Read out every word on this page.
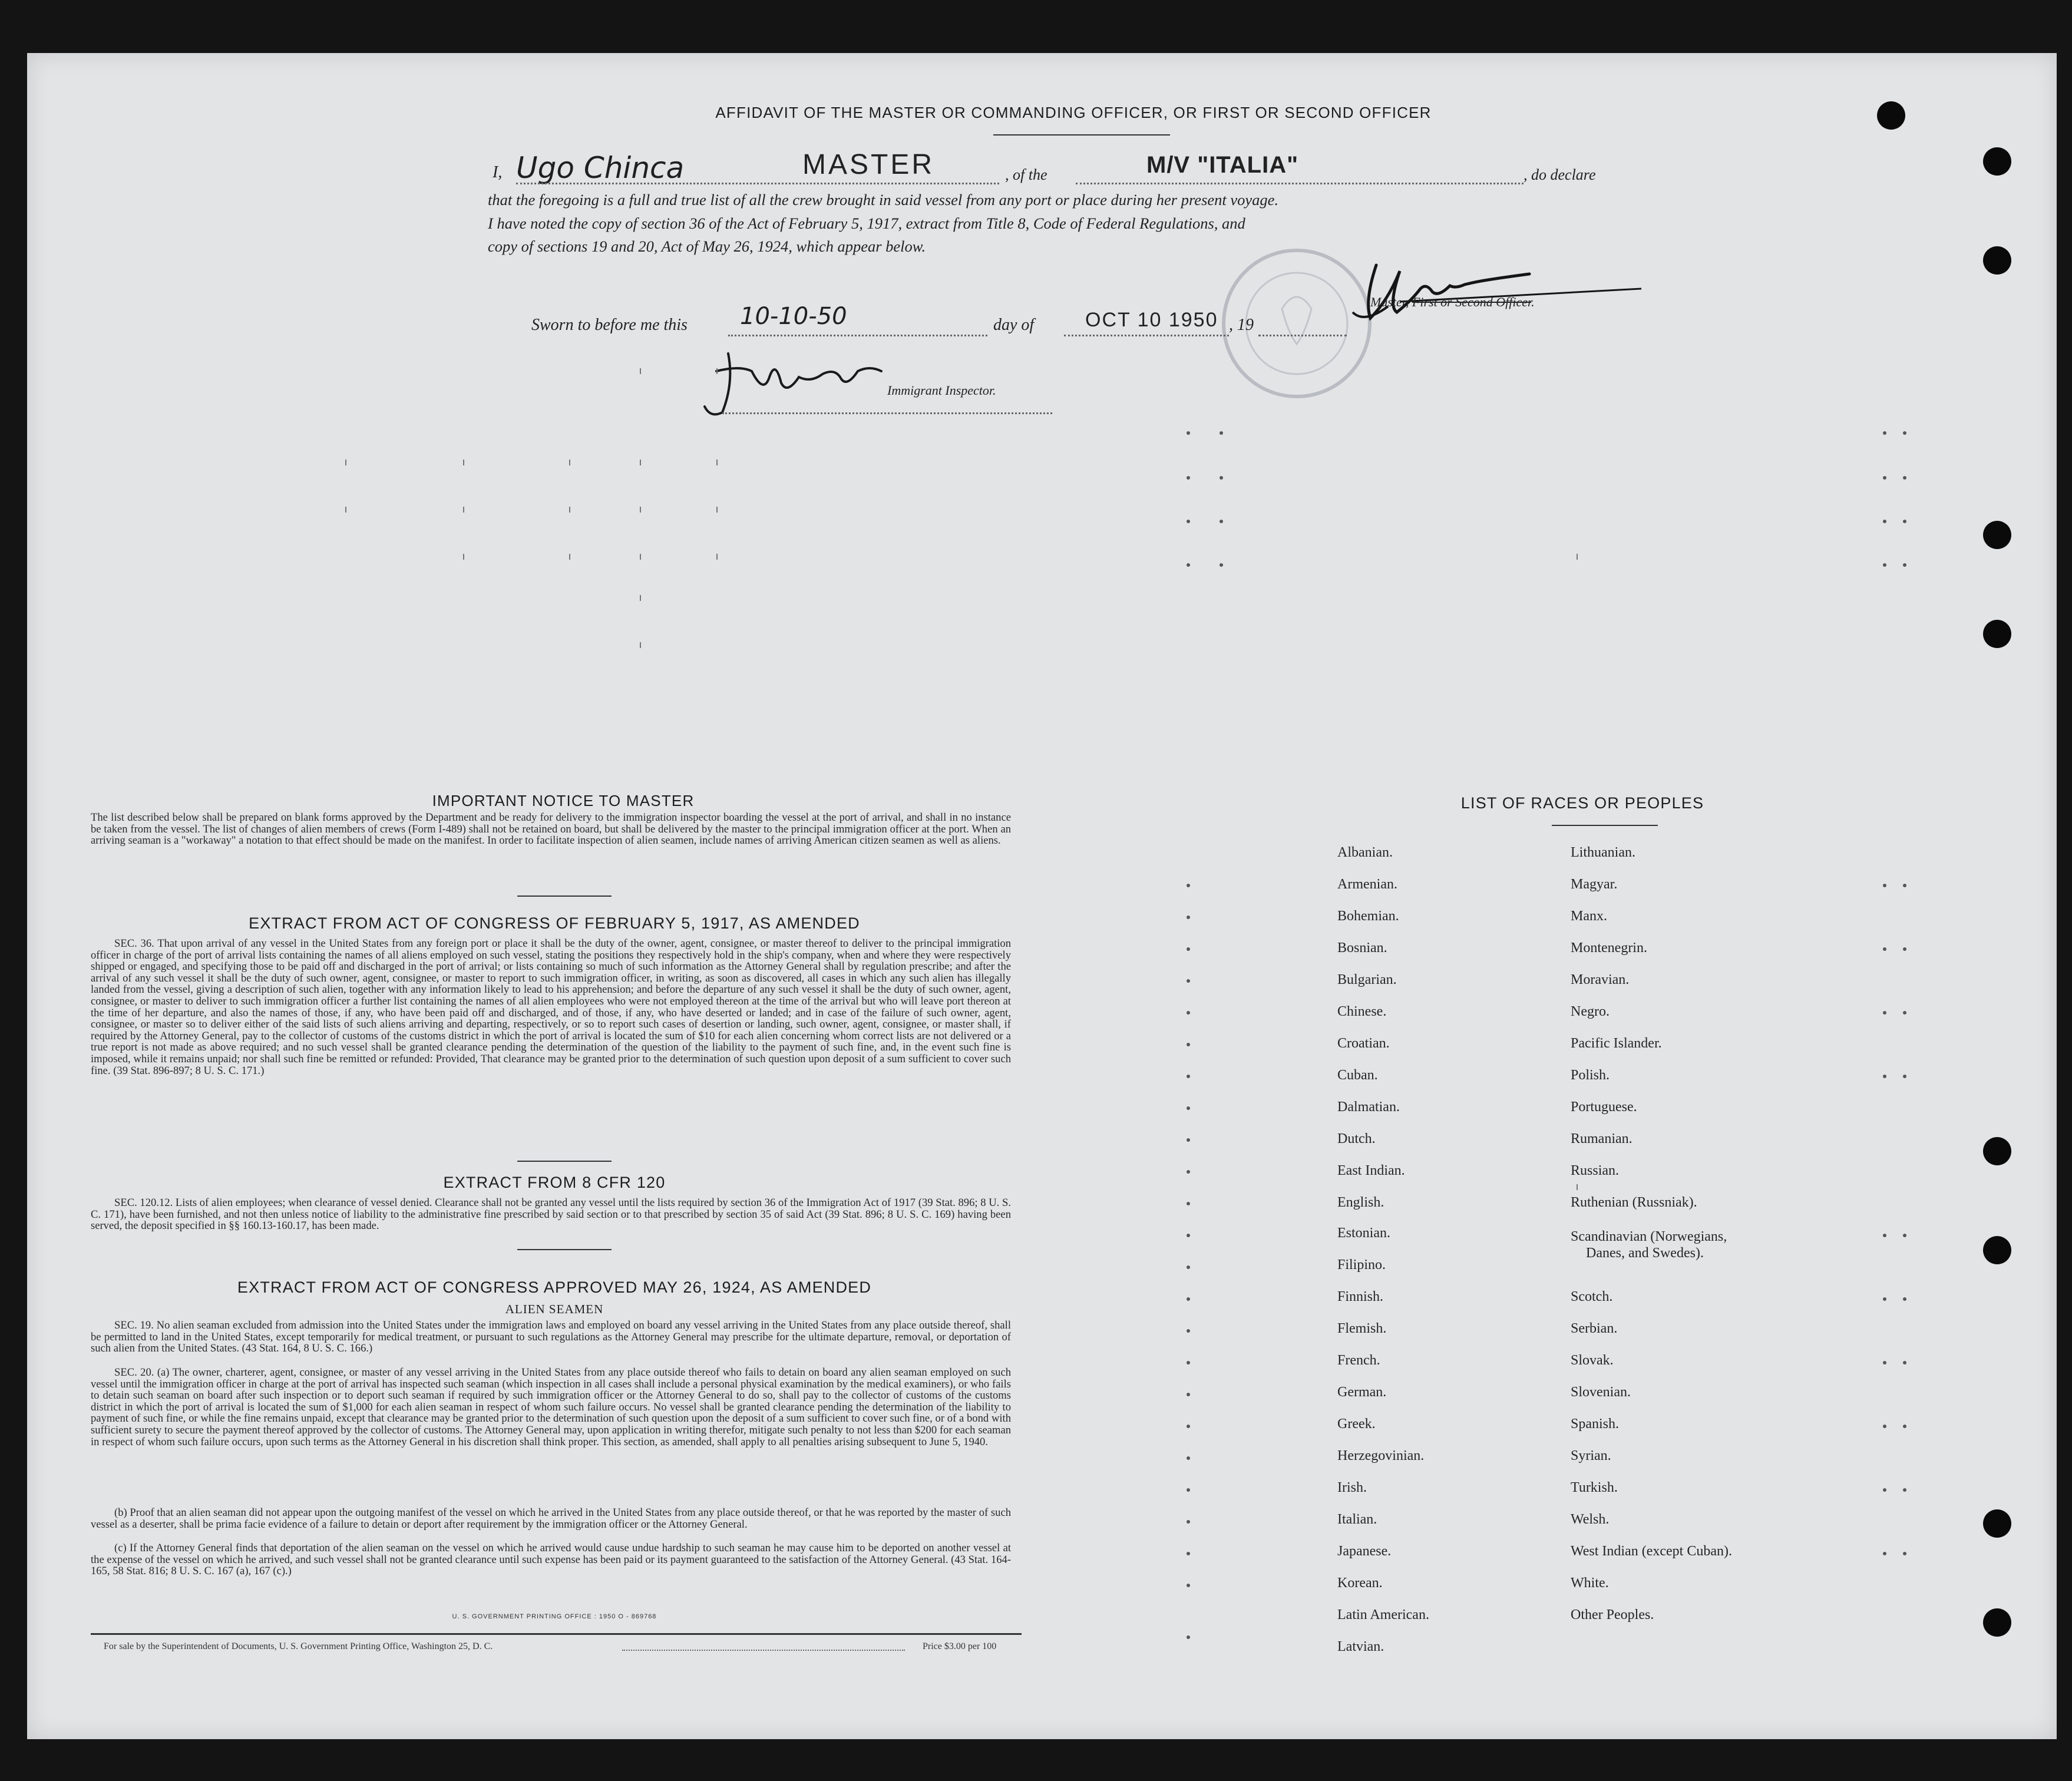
AFFIDAVIT OF THE MASTER OR COMMANDING OFFICER, OR FIRST OR SECOND OFFICER
I, Ugo Chinca	MASTER	, of the	M/V "ITALIA"	, do declare
that the foregoing is a full and true list of all the crew brought in said vessel from any port or place during her present voyage.
I have noted the copy of section 36 of the Act of February 5, 1917, extract from Title 8, Code of Federal Regulations, and
copy of sections 19 and 20, Act of May 26, 1924, which appear below.
Master, First or Second Officer.
Sworn to before me this 10-10-50	day of	OCT 10 1950 , 19
Immigrant Inspector.
IMPORTANT NOTICE TO MASTER
The list described below shall be prepared on blank forms approved by the Department and be ready for delivery to the immigration inspector boarding the vessel at the port of arrival, and shall in no instance be taken from the vessel. The list of changes of alien members of crews (Form I-489) shall not be retained on board, but shall be delivered by the master to the principal immigration officer at the port. When an arriving seaman is a "workaway" a notation to that effect should be made on the manifest. In order to facilitate inspection of alien seamen, include names of arriving American citizen seamen as well as aliens.
EXTRACT FROM ACT OF CONGRESS OF FEBRUARY 5, 1917, AS AMENDED
SEC. 36. That upon arrival of any vessel in the United States from any foreign port or place it shall be the duty of the owner, agent, consignee, or master thereof to deliver to the principal immigration officer in charge of the port of arrival lists containing the names of all aliens employed on such vessel, stating the positions they respectively hold in the ship's company, when and where they were respectively shipped or engaged, and specifying those to be paid off and discharged in the port of arrival; or lists containing so much of such information as the Attorney General shall by regulation prescribe; and after the arrival of any such vessel it shall be the duty of such owner, agent, consignee, or master to report to such immigration officer, in writing, as soon as discovered, all cases in which any such alien has illegally landed from the vessel, giving a description of such alien, together with any information likely to lead to his apprehension; and before the departure of any such vessel it shall be the duty of such owner, agent, consignee, or master to deliver to such immigration officer a further list containing the names of all alien employees who were not employed thereon at the time of the arrival but who will leave port thereon at the time of her departure, and also the names of those, if any, who have been paid off and discharged, and of those, if any, who have deserted or landed; and in case of the failure of such owner, agent, consignee, or master so to deliver either of the said lists of such aliens arriving and departing, respectively, or so to report such cases of desertion or landing, such owner, agent, consignee, or master shall, if required by the Attorney General, pay to the collector of customs of the customs district in which the port of arrival is located the sum of $10 for each alien concerning whom correct lists are not delivered or a true report is not made as above required; and no such vessel shall be granted clearance pending the determination of the question of the liability to the payment of such fine, and, in the event such fine is imposed, while it remains unpaid; nor shall such fine be remitted or refunded: Provided, That clearance may be granted prior to the determination of such question upon deposit of a sum sufficient to cover such fine. (39 Stat. 896-897; 8 U. S. C. 171.)
EXTRACT FROM 8 CFR 120
SEC. 120.12. Lists of alien employees; when clearance of vessel denied. Clearance shall not be granted any vessel until the lists required by section 36 of the Immigration Act of 1917 (39 Stat. 896; 8 U. S. C. 171), have been furnished, and not then unless notice of liability to the administrative fine prescribed by said section or to that prescribed by section 35 of said Act (39 Stat. 896; 8 U. S. C. 169) having been served, the deposit specified in §§ 160.13-160.17, has been made.
EXTRACT FROM ACT OF CONGRESS APPROVED MAY 26, 1924, AS AMENDED
ALIEN SEAMEN
SEC. 19. No alien seaman excluded from admission into the United States under the immigration laws and employed on board any vessel arriving in the United States from any place outside thereof, shall be permitted to land in the United States, except temporarily for medical treatment, or pursuant to such regulations as the Attorney General may prescribe for the ultimate departure, removal, or deportation of such alien from the United States. (43 Stat. 164, 8 U. S. C. 166.)
SEC. 20. (a) The owner, charterer, agent, consignee, or master of any vessel arriving in the United States from any place outside thereof who fails to detain on board any alien seaman employed on such vessel until the immigration officer in charge at the port of arrival has inspected such seaman (which inspection in all cases shall include a personal physical examination by the medical examiners), or who fails to detain such seaman on board after such inspection or to deport such seaman if required by such immigration officer or the Attorney General to do so, shall pay to the collector of customs of the customs district in which the port of arrival is located the sum of $1,000 for each alien seaman in respect of whom such failure occurs. No vessel shall be granted clearance pending the determination of the liability to payment of such fine, or while the fine remains unpaid, except that clearance may be granted prior to the determination of such question upon the deposit of a sum sufficient to cover such fine, or of a bond with sufficient surety to secure the payment thereof approved by the collector of customs. The Attorney General may, upon application in writing therefor, mitigate such penalty to not less than $200 for each seaman in respect of whom such failure occurs, upon such terms as the Attorney General in his discretion shall think proper. This section, as amended, shall apply to all penalties arising subsequent to June 5, 1940.
(b) Proof that an alien seaman did not appear upon the outgoing manifest of the vessel on which he arrived in the United States from any place outside thereof, or that he was reported by the master of such vessel as a deserter, shall be prima facie evidence of a failure to detain or deport after requirement by the immigration officer or the Attorney General.
(c) If the Attorney General finds that deportation of the alien seaman on the vessel on which he arrived would cause undue hardship to such seaman he may cause him to be deported on another vessel at the expense of the vessel on which he arrived, and such vessel shall not be granted clearance until such expense has been paid or its payment guaranteed to the satisfaction of the Attorney General. (43 Stat. 164-165, 58 Stat. 816; 8 U. S. C. 167 (a), 167 (c).)
U. S. GOVERNMENT PRINTING OFFICE : 1950 O - 869768
For sale by the Superintendent of Documents, U. S. Government Printing Office, Washington 25, D. C.	Price $3.00 per 100
LIST OF RACES OR PEOPLES
Albanian.
Armenian.
Bohemian.
Bosnian.
Bulgarian.
Chinese.
Croatian.
Cuban.
Dalmatian.
Dutch.
East Indian.
English.
Estonian.
Filipino.
Finnish.
Flemish.
French.
German.
Greek.
Herzegovinian.
Irish.
Italian.
Japanese.
Korean.
Latin American.
Latvian.
Lithuanian.
Magyar.
Manx.
Montenegrin.
Moravian.
Negro.
Pacific Islander.
Polish.
Portuguese.
Rumanian.
Russian.
Ruthenian (Russniak).
Scandinavian (Norwegians,
Danes, and Swedes).
Scotch.
Serbian.
Slovak.
Slovenian.
Spanish.
Syrian.
Turkish.
Welsh.
West Indian (except Cuban).
White.
Other Peoples.
